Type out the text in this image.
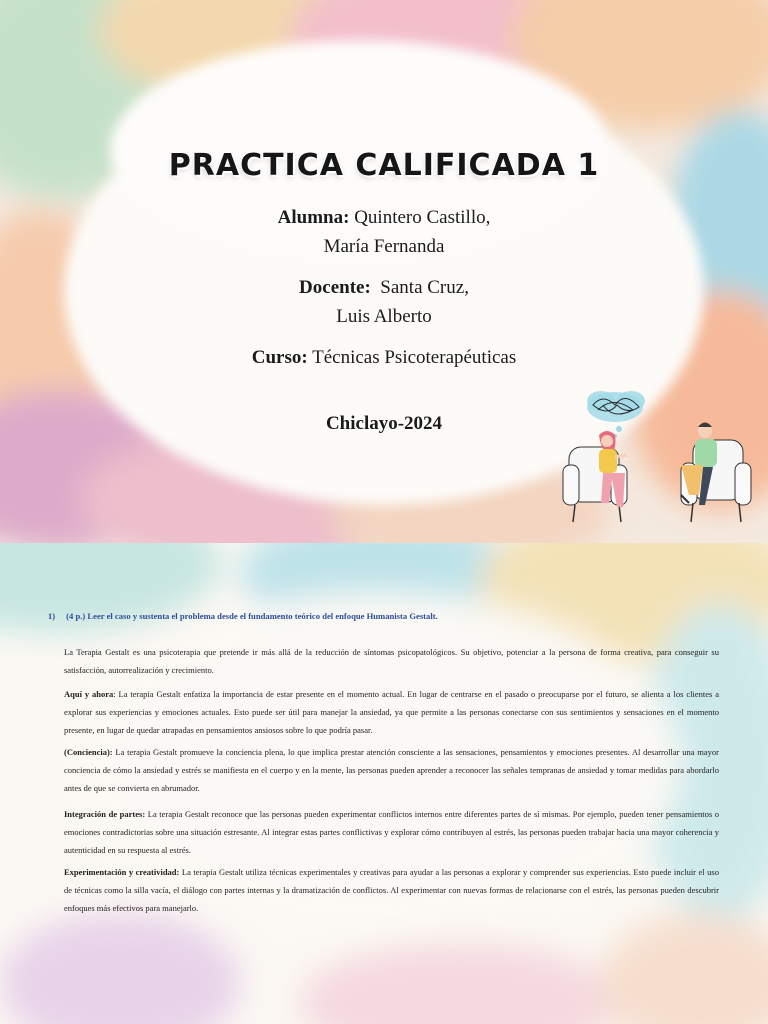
PRACTICA CALIFICADA 1
Alumna: Quintero Castillo,
María Fernanda
Docente: Santa Cruz,
Luis Alberto
Curso: Técnicas Psicoterapéuticas
Chiclayo-2024
1) (4 p.) Leer el caso y sustenta el problema desde el fundamento teórico del enfoque Humanista Gestalt.
La Terapia Gestalt es una psicoterapia que pretende ir más allá de la reducción de síntomas psicopatológicos. Su objetivo, potenciar a la persona de forma creativa, para conseguir su satisfacción, autorrealización y crecimiento.
Aquí y ahora: La terapia Gestalt enfatiza la importancia de estar presente en el momento actual. En lugar de centrarse en el pasado o preocuparse por el futuro, se alienta a los clientes a explorar sus experiencias y emociones actuales. Esto puede ser útil para manejar la ansiedad, ya que permite a las personas conectarse con sus sentimientos y sensaciones en el momento presente, en lugar de quedar atrapadas en pensamientos ansiosos sobre lo que podría pasar.
(Conciencia): La terapia Gestalt promueve la conciencia plena, lo que implica prestar atención consciente a las sensaciones, pensamientos y emociones presentes. Al desarrollar una mayor conciencia de cómo la ansiedad y estrés se manifiesta en el cuerpo y en la mente, las personas pueden aprender a reconocer las señales tempranas de ansiedad y tomar medidas para abordarlo antes de que se convierta en abrumador.
Integración de partes: La terapia Gestalt reconoce que las personas pueden experimentar conflictos internos entre diferentes partes de sí mismas. Por ejemplo, pueden tener pensamientos o emociones contradictorias sobre una situación estresante. Al integrar estas partes conflictivas y explorar cómo contribuyen al estrés, las personas pueden trabajar hacia una mayor coherencia y autenticidad en su respuesta al estrés.
Experimentación y creatividad: La terapia Gestalt utiliza técnicas experimentales y creativas para ayudar a las personas a explorar y comprender sus experiencias. Esto puede incluir el uso de técnicas como la silla vacía, el diálogo con partes internas y la dramatización de conflictos. Al experimentar con nuevas formas de relacionarse con el estrés, las personas pueden descubrir enfoques más efectivos para manejarlo.
